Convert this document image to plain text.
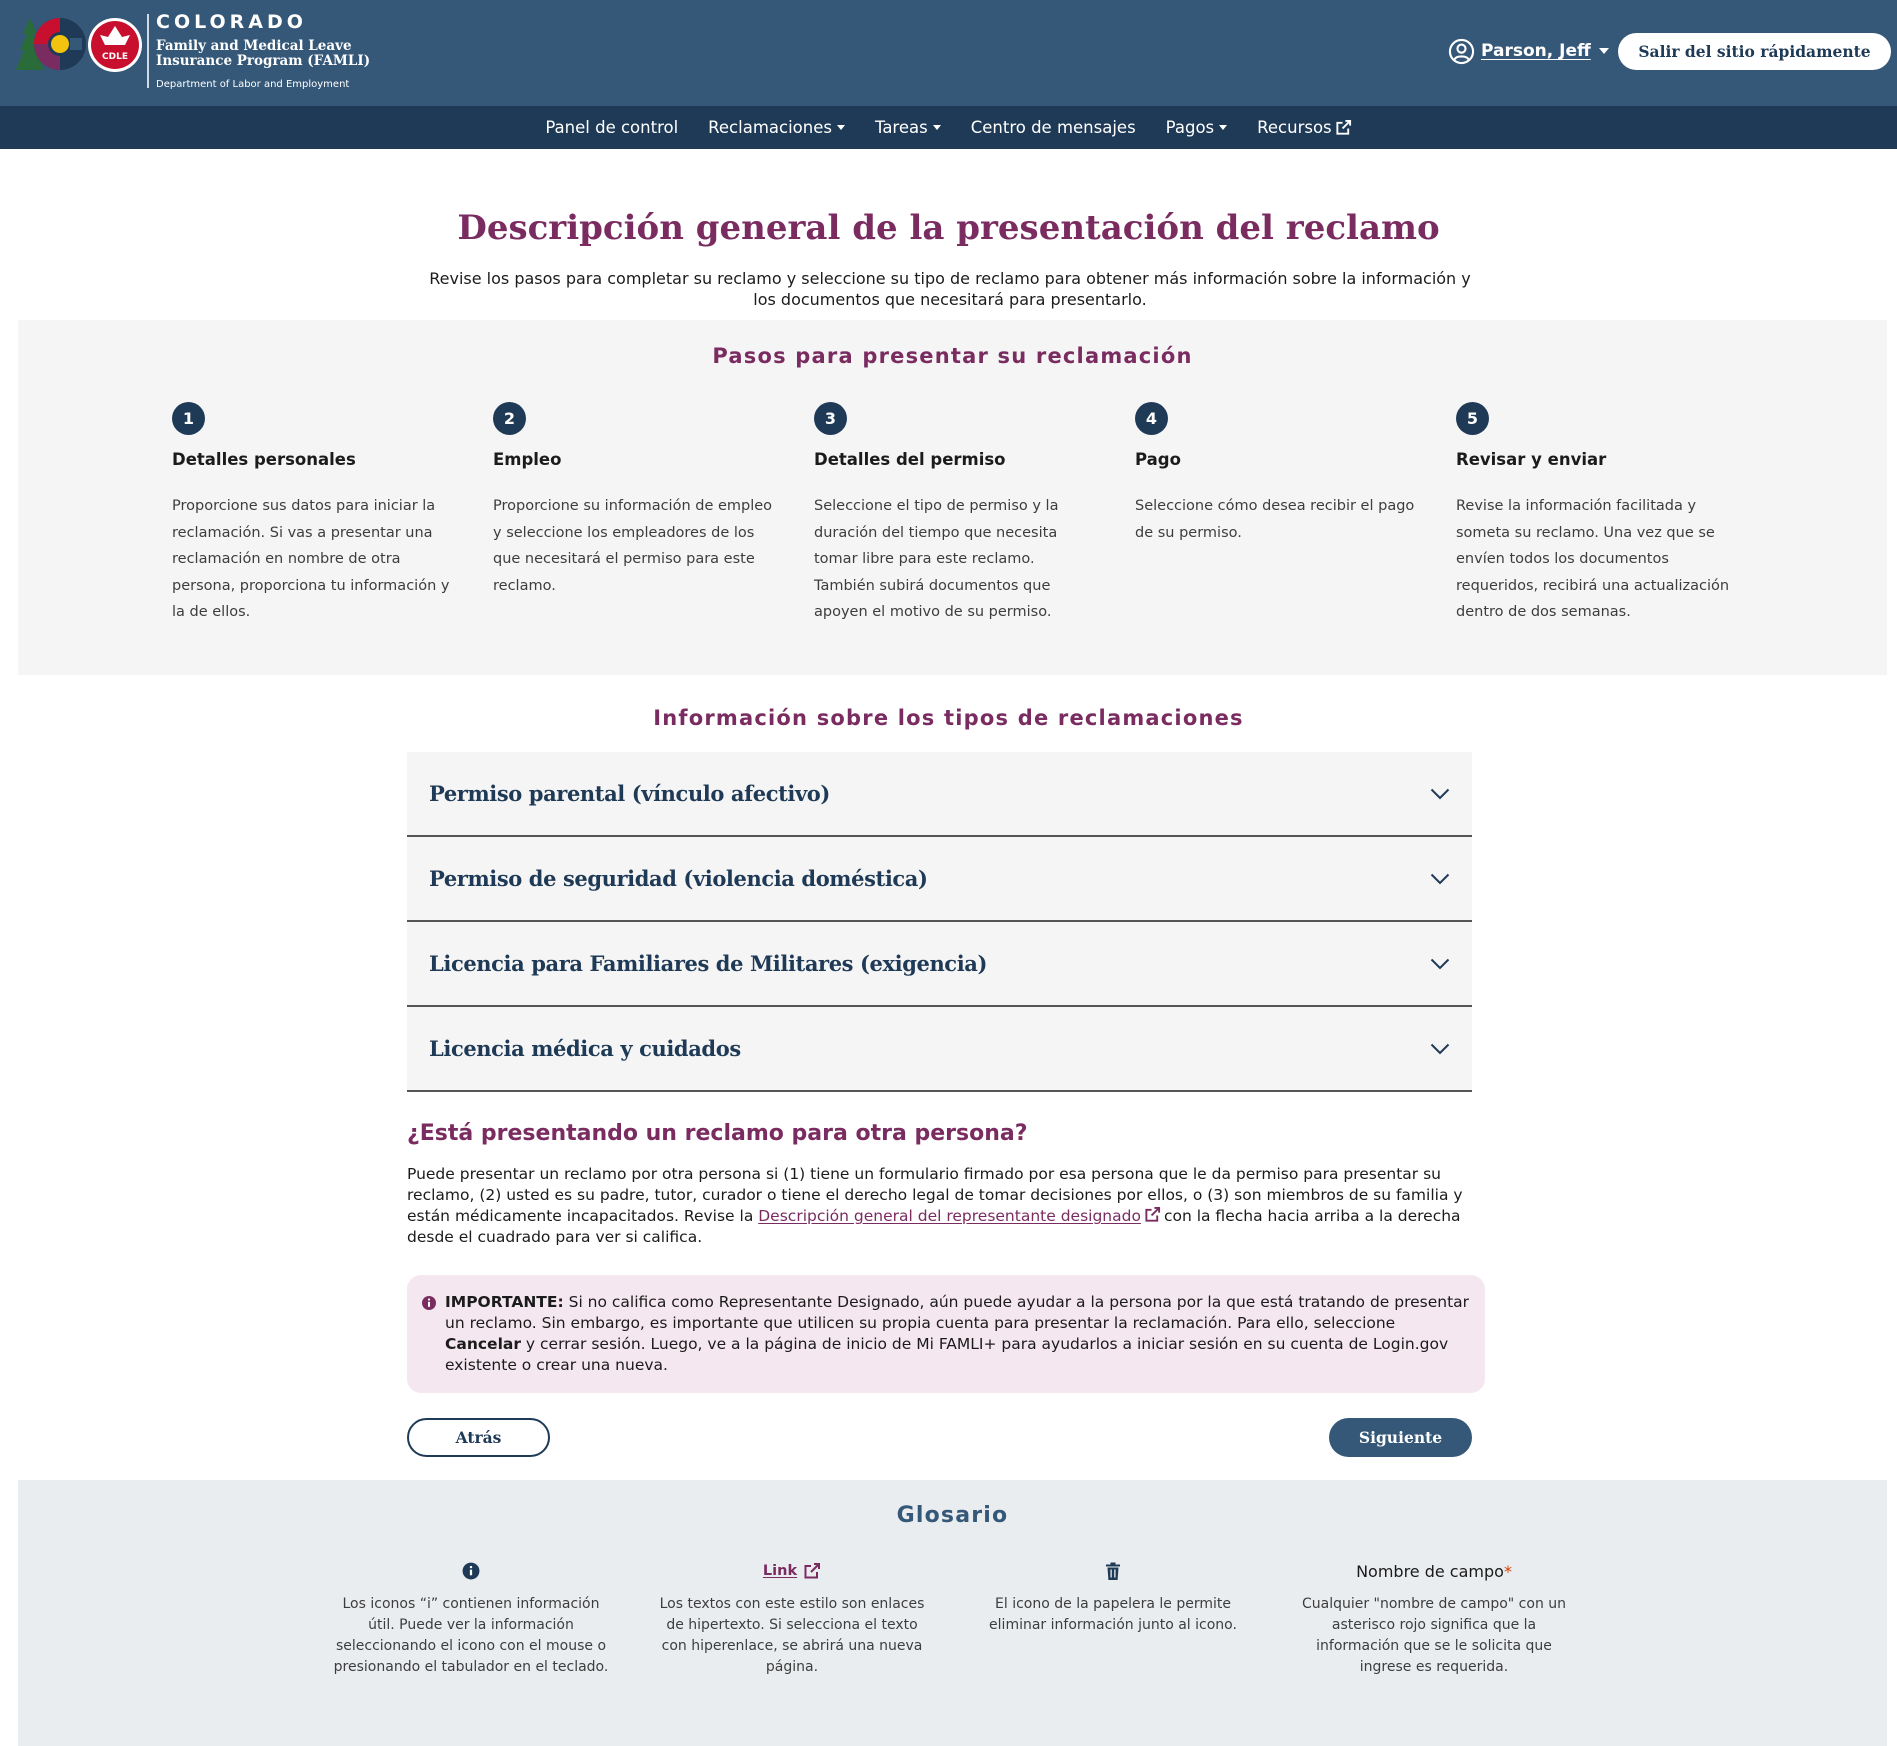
CDLE
COLORADO
Family and Medical Leave
Insurance Program (FAMLI)
Department of Labor and Employment
Parson, Jeff	Salir del sitio rápidamente
Panel de control Reclamaciones	Tareas	Centro de mensajes Pagos	Recursos
Descripción general de la presentación del reclamo

Revise los pasos para completar su reclamo y seleccione su tipo de reclamo para obtener más información sobre la información y los documentos que necesitará para presentarlo.

Pasos para presentar su reclamación
1
Detalles personales
Proporcione sus datos para iniciar la reclamación. Si vas a presentar una reclamación en nombre de otra persona, proporciona tu información y la de ellos.
2
Empleo
Proporcione su información de empleo y seleccione los empleadores de los que necesitará el permiso para este reclamo.
3
Detalles del permiso
Seleccione el tipo de permiso y la duración del tiempo que necesita tomar libre para este reclamo. También subirá documentos que apoyen el motivo de su permiso.
4
Pago
Seleccione cómo desea recibir el pago de su permiso.
5
Revisar y enviar
Revise la información facilitada y someta su reclamo. Una vez que se envíen todos los documentos requeridos, recibirá una actualización dentro de dos semanas.
Información sobre los tipos de reclamaciones
Permiso parental (vínculo afectivo)
Permiso de seguridad (violencia doméstica)
Licencia para Familiares de Militares (exigencia)
Licencia médica y cuidados
¿Está presentando un reclamo para otra persona?

Puede presentar un reclamo por otra persona si (1) tiene un formulario firmado por esa persona que le da permiso para presentar su reclamo, (2) usted es su padre, tutor, curador o tiene el derecho legal de tomar decisiones por ellos, o (3) son miembros de su familia y están médicamente incapacitados. Revise la Descripción general del representante designado con la flecha hacia arriba a la derecha desde el cuadrado para ver si califica.

IMPORTANTE: Si no califica como Representante Designado, aún puede ayudar a la persona por la que está tratando de presentar un reclamo. Sin embargo, es importante que utilicen su propia cuenta para presentar la reclamación. Para ello, seleccione Cancelar y cerrar sesión. Luego, ve a la página de inicio de Mi FAMLI+ para ayudarlos a iniciar sesión en su cuenta de Login.gov existente o crear una nueva.
Atrás	Siguiente
Glosario
Los iconos “i” contienen información útil. Puede ver la información seleccionando el icono con el mouse o presionando el tabulador en el teclado.
Link
Los textos con este estilo son enlaces de hipertexto. Si selecciona el texto con hiperenlace, se abrirá una nueva página.
El icono de la papelera le permite eliminar información junto al icono.
Nombre de campo *
Cualquier "nombre de campo" con un asterisco rojo significa que la información que se le solicita que ingrese es requerida.
